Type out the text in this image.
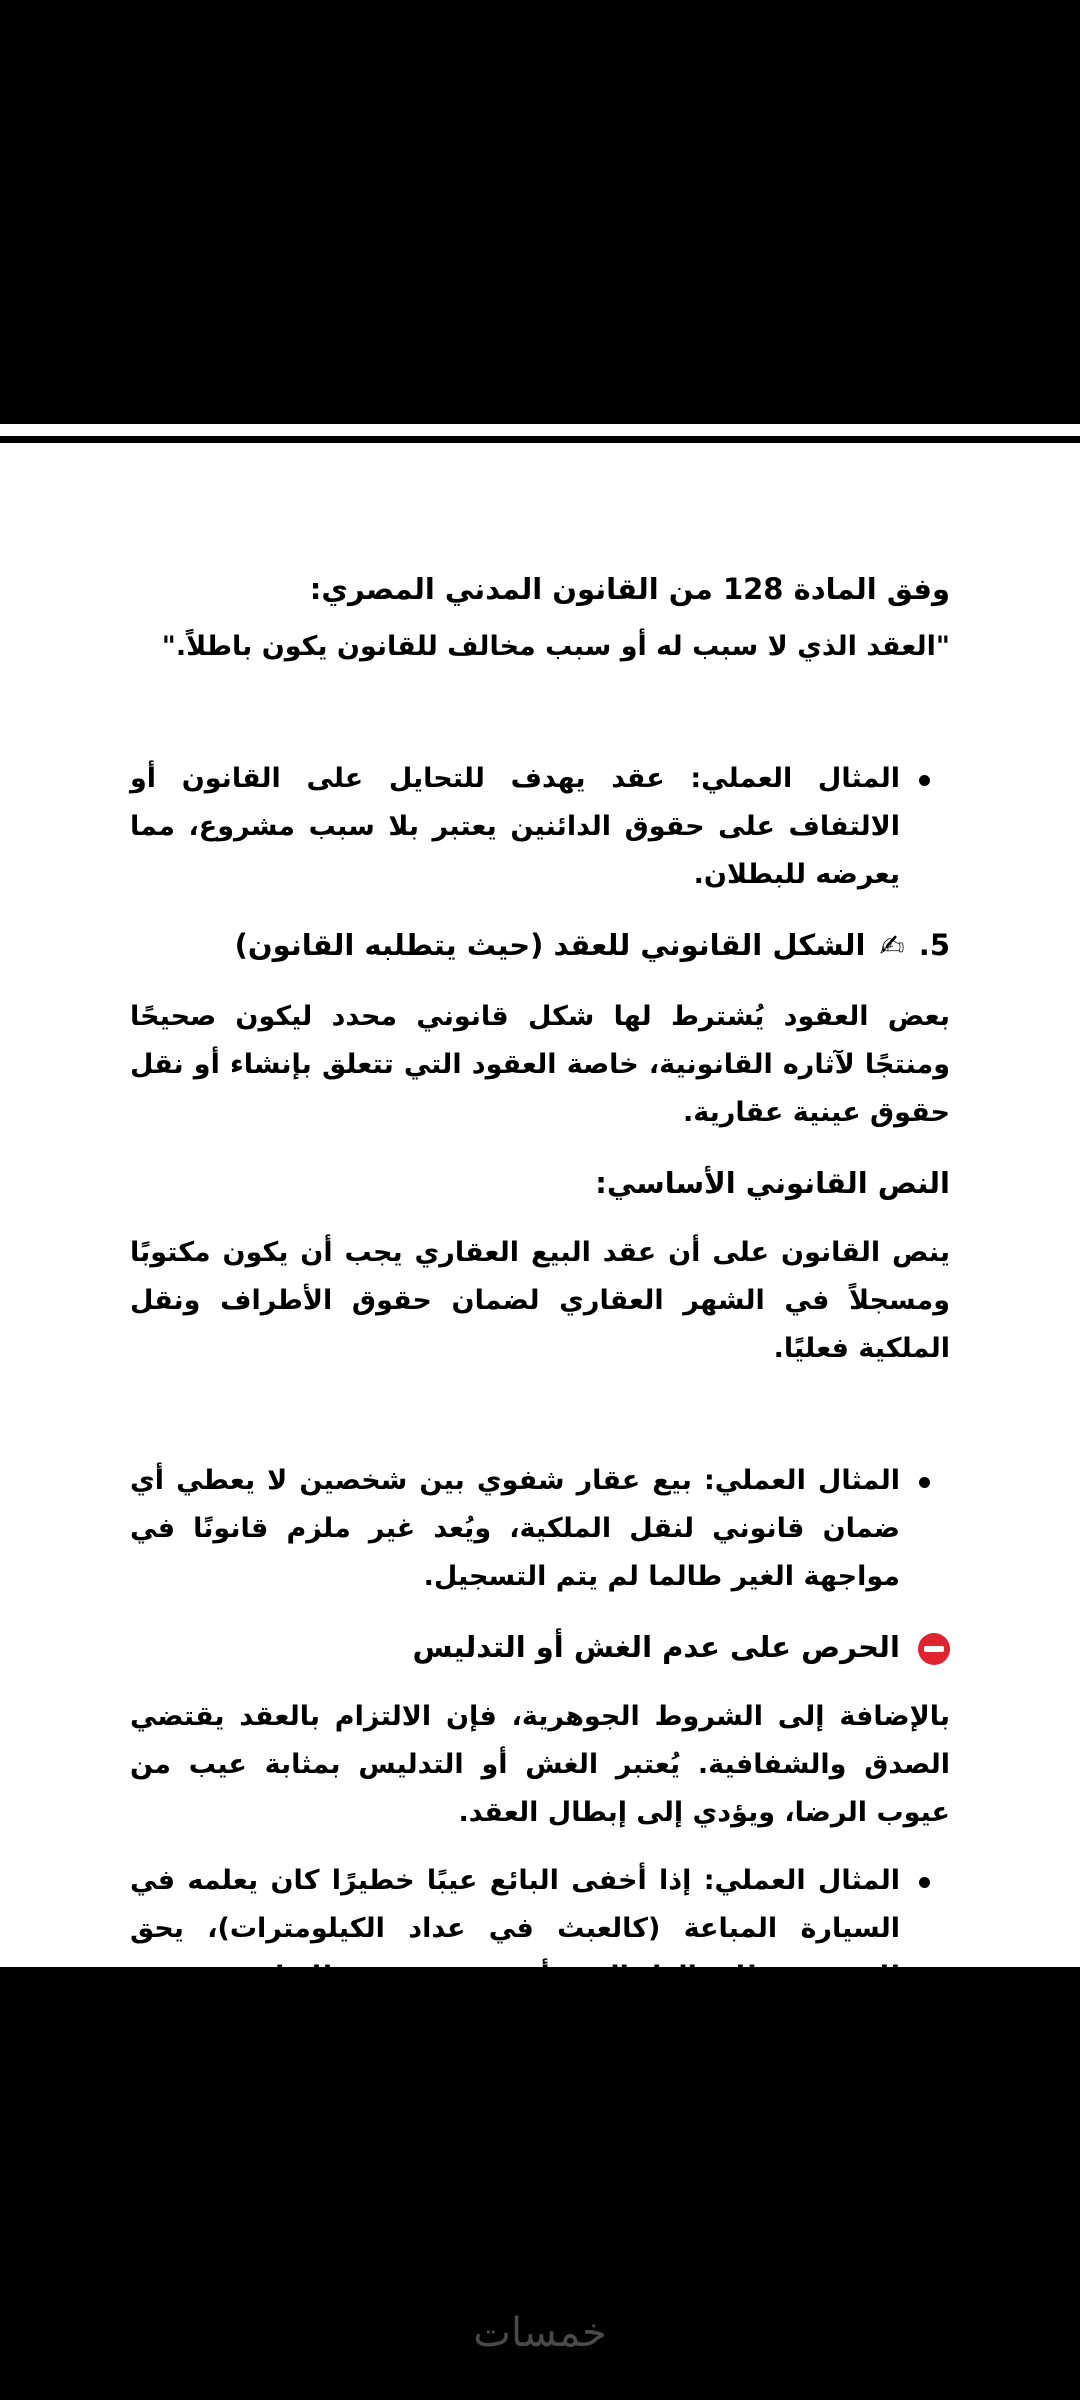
وفق المادة 128 من القانون المدني المصري:

"العقد الذي لا سبب له أو سبب مخالف للقانون يكون باطلاً."

المثال العملي: عقد يهدف للتحايل على القانون أو الالتفاف على حقوق الدائنين يعتبر بلا سبب مشروع، مما يعرضه للبطلان.

5. ✍ الشكل القانوني للعقد (حيث يتطلبه القانون)

بعض العقود يُشترط لها شكل قانوني محدد ليكون صحيحًا ومنتجًا لآثاره القانونية، خاصة العقود التي تتعلق بإنشاء أو نقل حقوق عينية عقارية.

النص القانوني الأساسي:

ينص القانون على أن عقد البيع العقاري يجب أن يكون مكتوبًا ومسجلاً في الشهر العقاري لضمان حقوق الأطراف ونقل الملكية فعليًا.

المثال العملي: بيع عقار شفوي بين شخصين لا يعطي أي ضمان قانوني لنقل الملكية، ويُعد غير ملزم قانونًا في مواجهة الغير طالما لم يتم التسجيل.

الحرص على عدم الغش أو التدليس

بالإضافة إلى الشروط الجوهرية، فإن الالتزام بالعقد يقتضي الصدق والشفافية. يُعتبر الغش أو التدليس بمثابة عيب من عيوب الرضا، ويؤدي إلى إبطال العقد.

المثال العملي: إذا أخفى البائع عيبًا خطيرًا كان يعلمه في السيارة المباعة (كالعبث في عداد الكيلومترات)، يحق
خمسات
